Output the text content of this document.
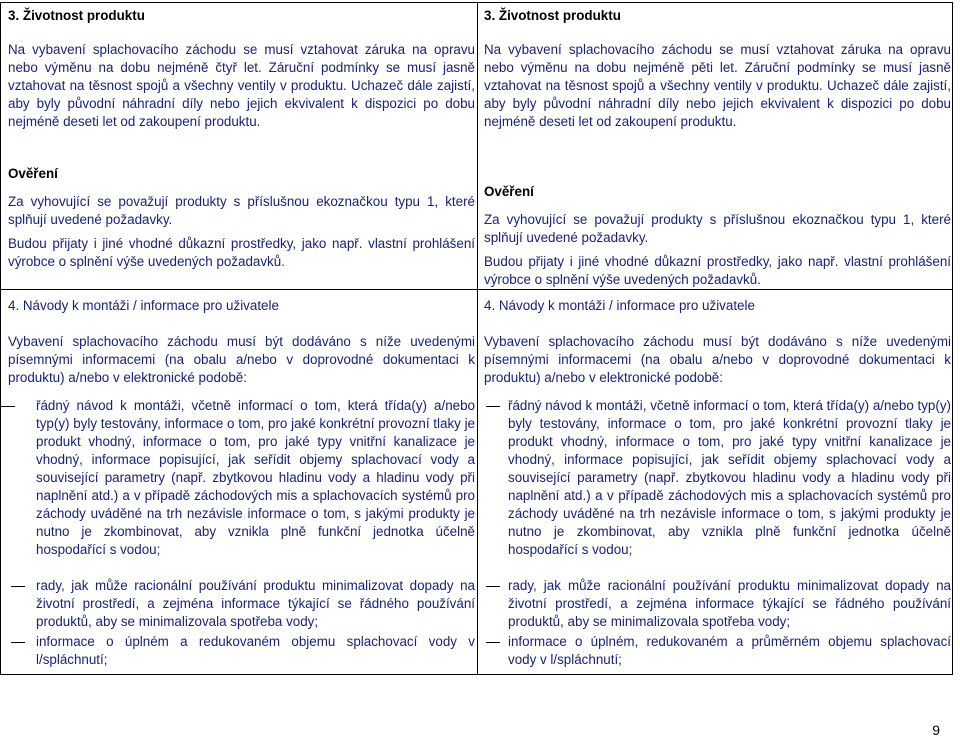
3. Životnost produktu
Na vybavení splachovacího záchodu se musí vztahovat záruka na opravu nebo výměnu na dobu nejméně čtyř let. Záruční podmínky se musí jasně vztahovat na těsnost spojů a všechny ventily v produktu. Uchazeč dále zajistí, aby byly původní náhradní díly nebo jejich ekvivalent k dispozici po dobu nejméně deseti let od zakoupení produktu.
Ověření
Za vyhovující se považují produkty s příslušnou ekoznačkou typu 1, které splňují uvedené požadavky.
Budou přijaty i jiné vhodné důkazní prostředky, jako např. vlastní prohlášení výrobce o splnění výše uvedených požadavků.
4. Návody k montáži / informace pro uživatele
Vybavení splachovacího záchodu musí být dodáváno s níže uvedenými písemnými informacemi (na obalu a/nebo v doprovodné dokumentaci k produktu) a/nebo v elektronické podobě:
řádný návod k montáži, včetně informací o tom, která třída(y) a/nebo typ(y) byly testovány, informace o tom, pro jaké konkrétní provozní tlaky je produkt vhodný, informace o tom, pro jaké typy vnitřní kanalizace je vhodný, informace popisující, jak seřídit objemy splachovací vody a související parametry (např. zbytkovou hladinu vody a hladinu vody při naplnění atd.) a v případě záchodových mis a splachovacích systémů pro záchody uváděné na trh nezávisle informace o tom, s jakými produkty je nutno je zkombinovat, aby vznikla plně funkční jednotka účelně hospodařící s vodou;
rady, jak může racionální používání produktu minimalizovat dopady na životní prostředí, a zejména informace týkající se řádného používání produktů, aby se minimalizovala spotřeba vody;
informace o úplném a redukovaném objemu splachovací vody v l/spláchnutí;
3. Životnost produktu
Na vybavení splachovacího záchodu se musí vztahovat záruka na opravu nebo výměnu na dobu nejméně pěti let. Záruční podmínky se musí jasně vztahovat na těsnost spojů a všechny ventily v produktu. Uchazeč dále zajistí, aby byly původní náhradní díly nebo jejich ekvivalent k dispozici po dobu nejméně deseti let od zakoupení produktu.
Ověření
Za vyhovující se považují produkty s příslušnou ekoznačkou typu 1, které splňují uvedené požadavky.
Budou přijaty i jiné vhodné důkazní prostředky, jako např. vlastní prohlášení výrobce o splnění výše uvedených požadavků.
4. Návody k montáži / informace pro uživatele
Vybavení splachovacího záchodu musí být dodáváno s níže uvedenými písemnými informacemi (na obalu a/nebo v doprovodné dokumentaci k produktu) a/nebo v elektronické podobě:
řádný návod k montáži, včetně informací o tom, která třída(y) a/nebo typ(y) byly testovány, informace o tom, pro jaké konkrétní provozní tlaky je produkt vhodný, informace o tom, pro jaké typy vnitřní kanalizace je vhodný, informace popisující, jak seřídit objemy splachovací vody a související parametry (např. zbytkovou hladinu vody a hladinu vody při naplnění atd.) a v případě záchodových mis a splachovacích systémů pro záchody uváděné na trh nezávisle informace o tom, s jakými produkty je nutno je zkombinovat, aby vznikla plně funkční jednotka účelně hospodařící s vodou;
rady, jak může racionální používání produktu minimalizovat dopady na životní prostředí, a zejména informace týkající se řádného používání produktů, aby se minimalizovala spotřeba vody;
informace o úplném, redukovaném a průměrném objemu splachovací vody v l/spláchnutí;
9
